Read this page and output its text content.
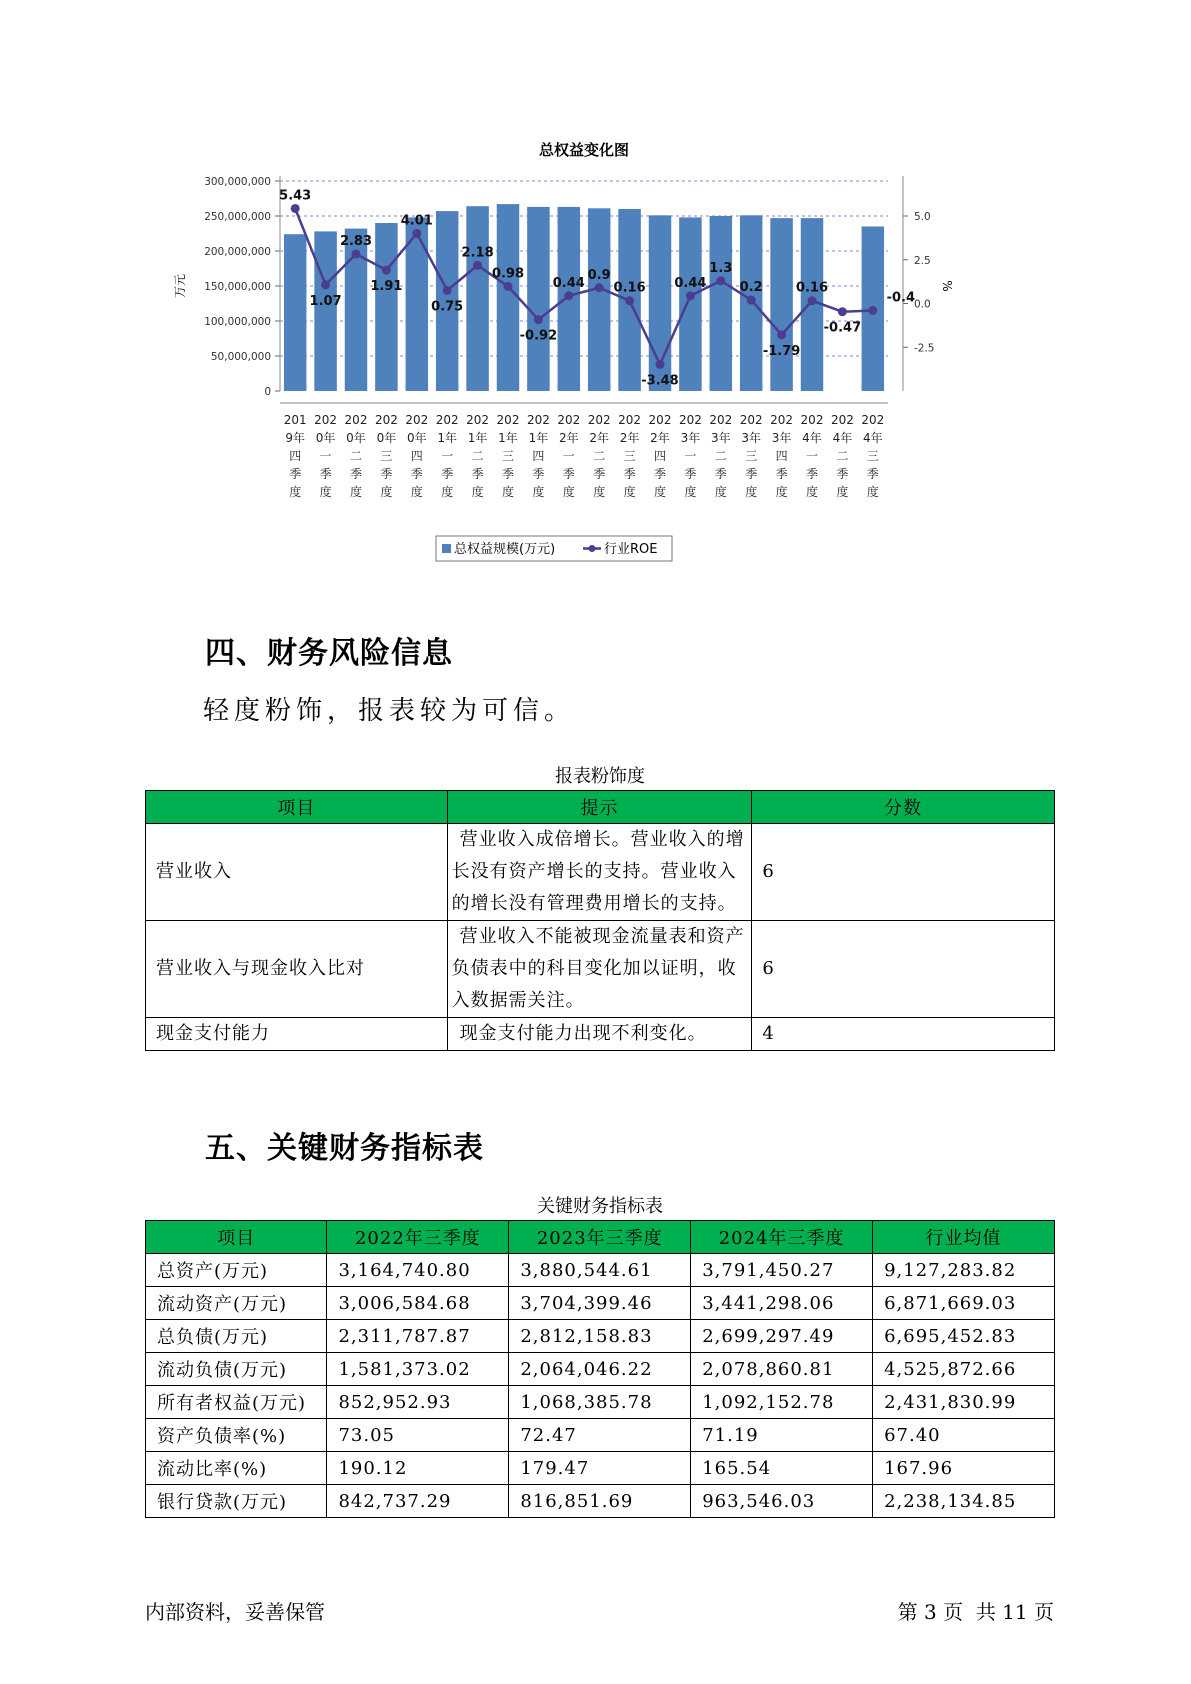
总权益变化图
0
50,000,000
100,000,000
150,000,000
200,000,000
250,000,000
300,000,000
-2.5
0.0
2.5
5.0
万元	%
5.43
1.07
2.83
1.91
4.01
0.75
2.18
0.98
-0.92
0.44
0.9
0.16
-3.48
0.44
1.3
0.2
-1.79
0.16
-0.47
-0.4
201
9年
四
季
度
202
0年
一
季
度
202
0年
二
季
度
202
0年
三
季
度
202
0年
四
季
度
202
1年
一
季
度
202
1年
二
季
度
202
1年
三
季
度
202
1年
四
季
度
202
2年
一
季
度
202
2年
二
季
度
202
2年
三
季
度
202
2年
四
季
度
202
3年
一
季
度
202
3年
二
季
度
202
3年
三
季
度
202
3年
四
季
度
202
4年
一
季
度
202
4年
二
季
度
202
4年
三
季
度
总权益规模(万元)	行业ROE
四、财务风险信息
轻度粉饰，报表较为可信。
报表粉饰度
项目	提示	分数
营业收入	营业收入成倍增长。营业收入的增长没有资产增长的支持。营业收入的增长没有管理费用增长的支持。	6
营业收入与现金收入比对	营业收入不能被现金流量表和资产负债表中的科目变化加以证明，收入数据需关注。	6
现金支付能力	现金支付能力出现不利变化。	4
五、关键财务指标表
关键财务指标表
项目	2022年三季度	2023年三季度	2024年三季度	行业均值
总资产(万元)	3,164,740.80	3,880,544.61	3,791,450.27	9,127,283.82
流动资产(万元)	3,006,584.68	3,704,399.46	3,441,298.06	6,871,669.03
总负债(万元)	2,311,787.87	2,812,158.83	2,699,297.49	6,695,452.83
流动负债(万元)	1,581,373.02	2,064,046.22	2,078,860.81	4,525,872.66
所有者权益(万元)	852,952.93	1,068,385.78	1,092,152.78	2,431,830.99
资产负债率(%)	73.05	72.47	71.19	67.40
流动比率(%)	190.12	179.47	165.54	167.96
银行贷款(万元)	842,737.29	816,851.69	963,546.03	2,238,134.85
内部资料，妥善保管	第 3 页  共 11 页
